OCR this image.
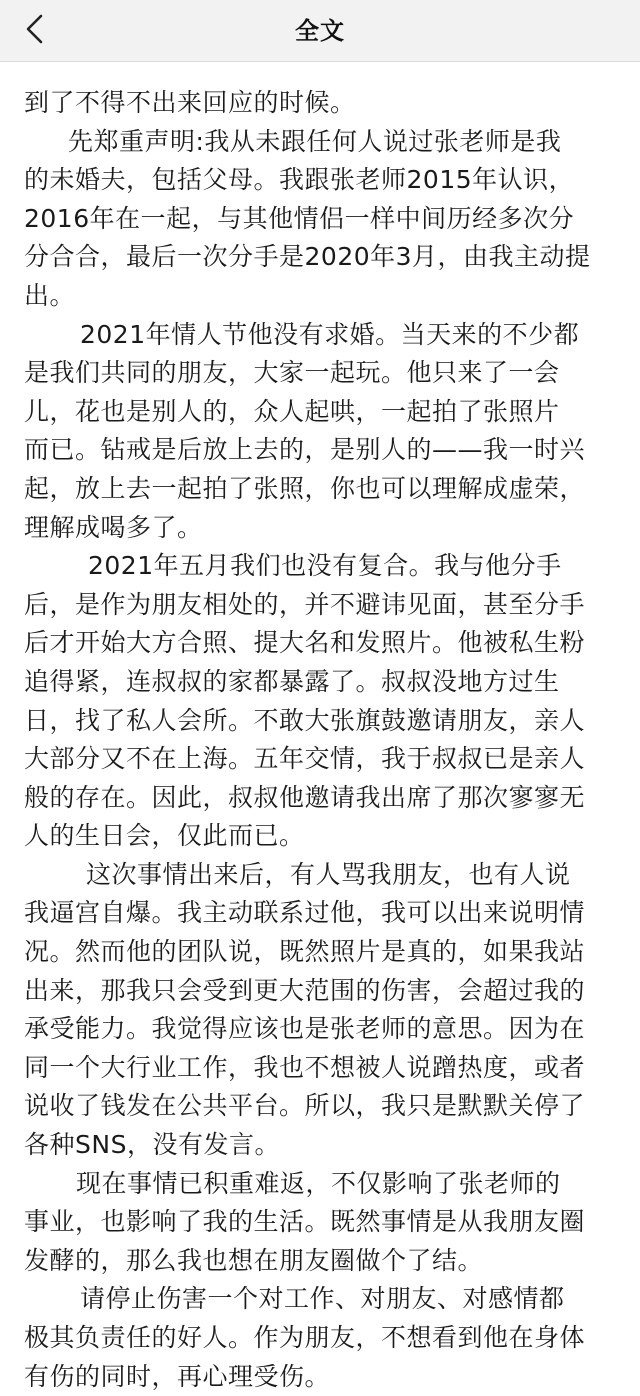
全文
到了不得不出来回应的时候。
先郑重声明:我从未跟任何人说过张老师是我
的未婚夫，包括父母。我跟张老师2015年认识，
2016年在一起，与其他情侣一样中间历经多次分
分合合，最后一次分手是2020年3月，由我主动提
出。
2021年情人节他没有求婚。当天来的不少都
是我们共同的朋友，大家一起玩。他只来了一会
儿，花也是别人的，众人起哄，一起拍了张照片
而已。钻戒是后放上去的，是别人的——我一时兴
起，放上去一起拍了张照，你也可以理解成虚荣，
理解成喝多了。
2021年五月我们也没有复合。我与他分手
后，是作为朋友相处的，并不避讳见面，甚至分手
后才开始大方合照、提大名和发照片。他被私生粉
追得紧，连叔叔的家都暴露了。叔叔没地方过生
日，找了私人会所。不敢大张旗鼓邀请朋友，亲人
大部分又不在上海。五年交情，我于叔叔已是亲人
般的存在。因此，叔叔他邀请我出席了那次寥寥无
人的生日会，仅此而已。
这次事情出来后，有人骂我朋友，也有人说
我逼宫自爆。我主动联系过他，我可以出来说明情
况。然而他的团队说，既然照片是真的，如果我站
出来，那我只会受到更大范围的伤害，会超过我的
承受能力。我觉得应该也是张老师的意思。因为在
同一个大行业工作，我也不想被人说蹭热度，或者
说收了钱发在公共平台。所以，我只是默默关停了
各种SNS，没有发言。
现在事情已积重难返，不仅影响了张老师的
事业，也影响了我的生活。既然事情是从我朋友圈
发酵的，那么我也想在朋友圈做个了结。
请停止伤害一个对工作、对朋友、对感情都
极其负责任的好人。作为朋友，不想看到他在身体
有伤的同时，再心理受伤。
